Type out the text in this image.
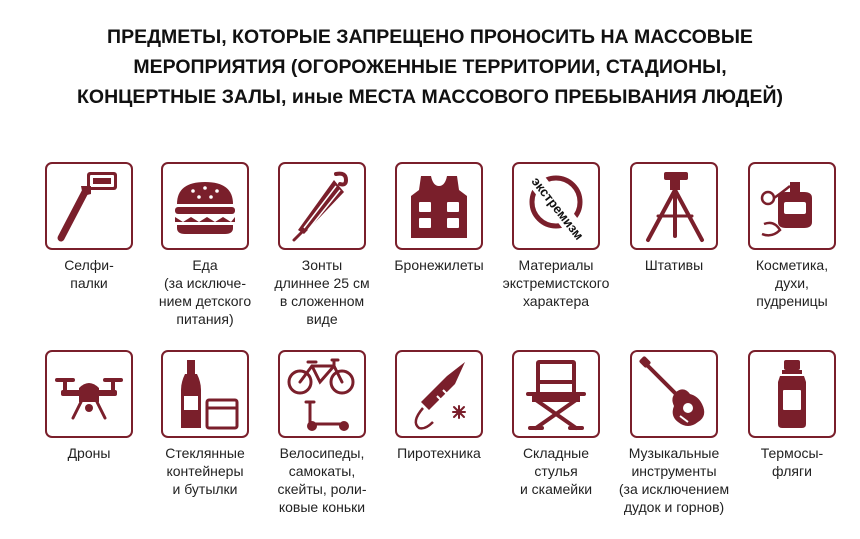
ПРЕДМЕТЫ, КОТОРЫЕ ЗАПРЕЩЕНО ПРОНОСИТЬ НА МАССОВЫЕ
МЕРОПРИЯТИЯ (ОГОРОЖЕННЫЕ ТЕРРИТОРИИ, СТАДИОНЫ,
КОНЦЕРТНЫЕ ЗАЛЫ, иные МЕСТА МАССОВОГО ПРЕБЫВАНИЯ ЛЮДЕЙ)
Селфи-
палки
Еда
(за исключе-
нием детского
питания)
Зонты
длиннее 25 см
в сложенном
виде
Бронежилеты
экстремизм
Материалы
экстремистского
характера
Штативы	Косметика,
духи,
пудреницы
Дроны	Стеклянные
контейнеры
и бутылки
Велосипеды,
самокаты,
скейты, роли-
ковые коньки
Пиротехника	Складные
стулья
и скамейки
Музыкальные
инструменты
(за исключением
дудок и горнов)
Термосы-
фляги
